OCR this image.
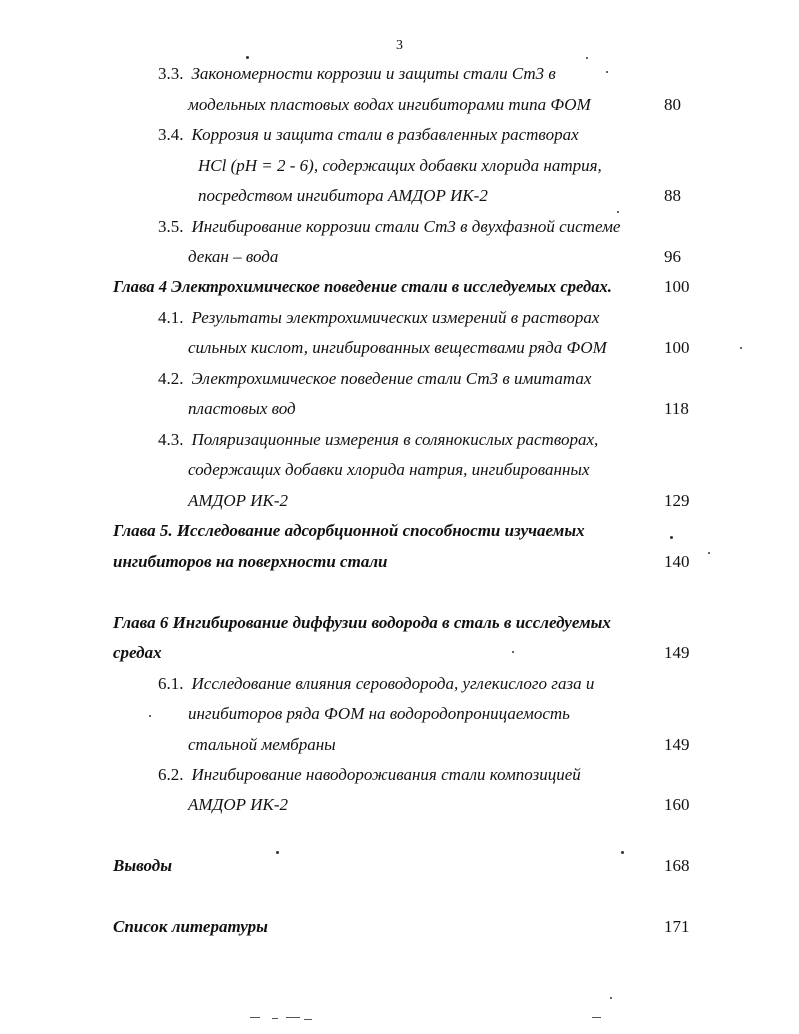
3
3.3. Закономерности коррозии и защиты стали Ст3 в
модельных пластовых водах ингибиторами типа ФОМ	80
3.4. Коррозия и защита стали в разбавленных растворах
HCl (pH = 2 - 6), содержащих добавки хлорида натрия,
посредством ингибитора АМДОР ИК-2	88
3.5. Ингибирование коррозии стали Ст3 в двухфазной системе
декан – вода	96
Глава 4 Электрохимическое поведение стали в исследуемых средах.	100
4.1. Результаты электрохимических измерений в растворах
сильных кислот, ингибированных веществами ряда ФОМ	100
4.2. Электрохимическое поведение стали Ст3 в имитатах
пластовых вод	118
4.3. Поляризационные измерения в солянокислых растворах,
содержащих добавки хлорида натрия, ингибированных
АМДОР ИК-2	129
Глава 5. Исследование адсорбционной способности изучаемых
ингибиторов на поверхности стали	140
Глава 6 Ингибирование диффузии водорода в сталь в исследуемых
средах	149
6.1. Исследование влияния сероводорода, углекислого газа и
ингибиторов ряда ФОМ на водородопроницаемость
стальной мембраны	149
6.2. Ингибирование наводороживания стали композицией
АМДОР ИК-2	160
Выводы	168
Список литературы	171
